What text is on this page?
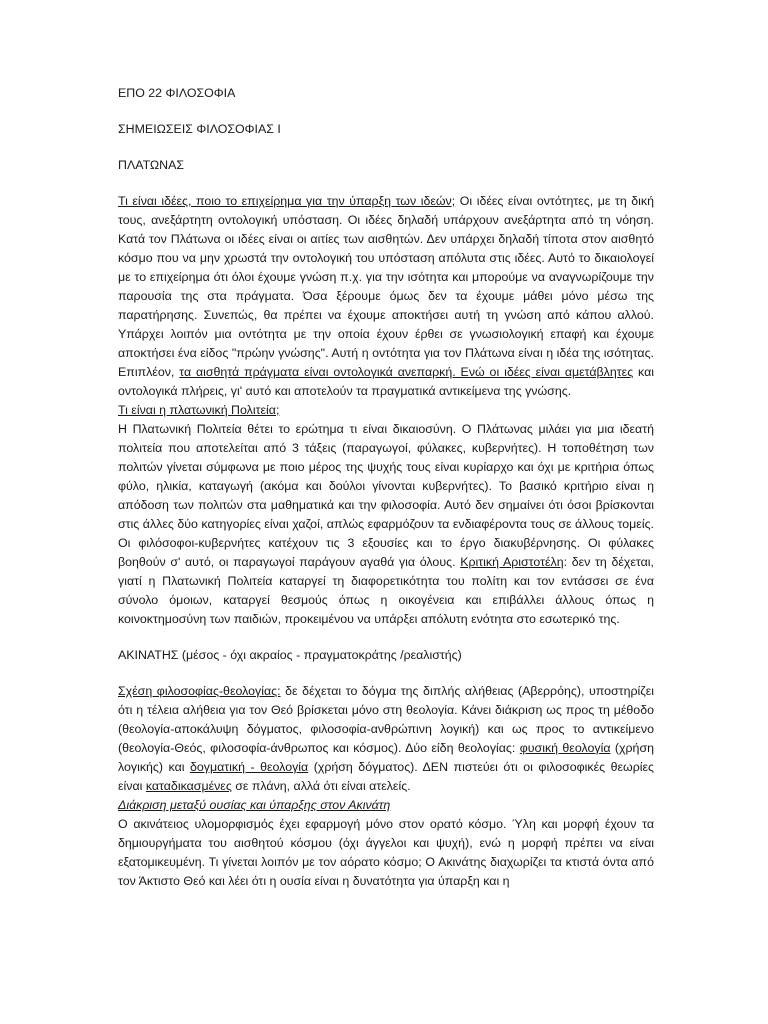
ΕΠΟ 22 ΦΙΛΟΣΟΦΙΑ

ΣΗΜΕΙΩΣΕΙΣ ΦΙΛΟΣΟΦΙΑΣ Ι

ΠΛΑΤΩΝΑΣ

Τι είναι ιδέες, ποιο το επιχείρημα για την ύπαρξη των ιδεών; Οι ιδέες είναι οντότητες, με τη δική τους, ανεξάρτητη οντολογική υπόσταση. Οι ιδέες δηλαδή υπάρχουν ανεξάρτητα από τη νόηση. Κατά τον Πλάτωνα οι ιδέες είναι οι αιτίες των αισθητών. Δεν υπάρχει δηλαδή τίποτα στον αισθητό κόσμο που να μην χρωστά την οντολογική του υπόσταση απόλυτα στις ιδέες. Αυτό το δικαιολογεί με το επιχείρημα ότι όλοι έχουμε γνώση π.χ. για την ισότητα και μπορούμε να αναγνωρίζουμε την παρουσία της στα πράγματα. Όσα ξέρουμε όμως δεν τα έχουμε μάθει μόνο μέσω της παρατήρησης. Συνεπώς, θα πρέπει να έχουμε αποκτήσει αυτή τη γνώση από κάπου αλλού. Υπάρχει λοιπόν μια οντότητα με την οποία έχουν έρθει σε γνωσιολογική επαφή και έχουμε αποκτήσει ένα είδος "πρώην γνώσης". Αυτή η οντότητα για τον Πλάτωνα είναι η ιδέα της ισότητας. Επιπλέον, τα αισθητά πράγματα είναι οντολογικά ανεπαρκή. Ενώ οι ιδέες είναι αμετάβλητες και οντολογικά πλήρεις, γι' αυτό και αποτελούν τα πραγματικά αντικείμενα της γνώσης.

Τι είναι η πλατωνική Πολιτεία;

Η Πλατωνική Πολιτεία θέτει το ερώτημα τι είναι δικαιοσύνη. Ο Πλάτωνας μιλάει για μια ιδεατή πολιτεία που αποτελείται από 3 τάξεις (παραγωγοί, φύλακες, κυβερνήτες). Η τοποθέτηση των πολιτών γίνεται σύμφωνα με ποιο μέρος της ψυχής τους είναι κυρίαρχο και όχι με κριτήρια όπως φύλο, ηλικία, καταγωγή (ακόμα και δούλοι γίνονται κυβερνήτες). Το βασικό κριτήριο είναι η απόδοση των πολιτών στα μαθηματικά και την φιλοσοφία. Αυτό δεν σημαίνει ότι όσοι βρίσκονται στις άλλες δύο κατηγορίες είναι χαζοί, απλώς εφαρμόζουν τα ενδιαφέροντα τους σε άλλους τομείς. Οι φιλόσοφοι-κυβερνήτες κατέχουν τις 3 εξουσίες και το έργο διακυβέρνησης. Οι φύλακες βοηθούν σ' αυτό, οι παραγωγοί παράγουν αγαθά για όλους. Κριτική Αριστοτέλη: δεν τη δέχεται, γιατί η Πλατωνική Πολιτεία καταργεί τη διαφορετικότητα του πολίτη και τον εντάσσει σε ένα σύνολο όμοιων, καταργεί θεσμούς όπως η οικογένεια και επιβάλλει άλλους όπως η κοινοκτημοσύνη των παιδιών, προκειμένου να υπάρξει απόλυτη ενότητα στο εσωτερικό της.

ΑΚΙΝΑΤΗΣ (μέσος - όχι ακραίος - πραγματοκράτης /ρεαλιστής)

Σχέση φιλοσοφίας-θεολογίας: δε δέχεται το δόγμα της διπλής αλήθειας (Αβερρόης), υποστηρίζει ότι η τέλεια αλήθεια για τον Θεό βρίσκεται μόνο στη θεολογία. Κάνει διάκριση ως προς τη μέθοδο (θεολογία-αποκάλυψη δόγματος, φιλοσοφία-ανθρώπινη λογική) και ως προς το αντικείμενο (θεολογία-Θεός, φιλοσοφία-άνθρωπος και κόσμος). Δύο είδη θεολογίας: φυσική θεολογία (χρήση λογικής) και δογματική - θεολογία (χρήση δόγματος). ΔΕΝ πιστεύει ότι οι φιλοσοφικές θεωρίες είναι καταδικασμένες σε πλάνη, αλλά ότι είναι ατελείς.

Διάκριση μεταξύ ουσίας και ύπαρξης στον Ακινάτη

Ο ακινάτειος υλομορφισμός έχει εφαρμογή μόνο στον ορατό κόσμο. Ύλη και μορφή έχουν τα δημιουργήματα του αισθητού κόσμου (όχι άγγελοι και ψυχή), ενώ η μορφή πρέπει να είναι εξατομικευμένη. Τι γίνεται λοιπόν με τον αόρατο κόσμο; Ο Ακινάτης διαχωρίζει τα κτιστά όντα από τον Άκτιστο Θεό και λέει ότι η ουσία είναι η δυνατότητα για ύπαρξη και η
